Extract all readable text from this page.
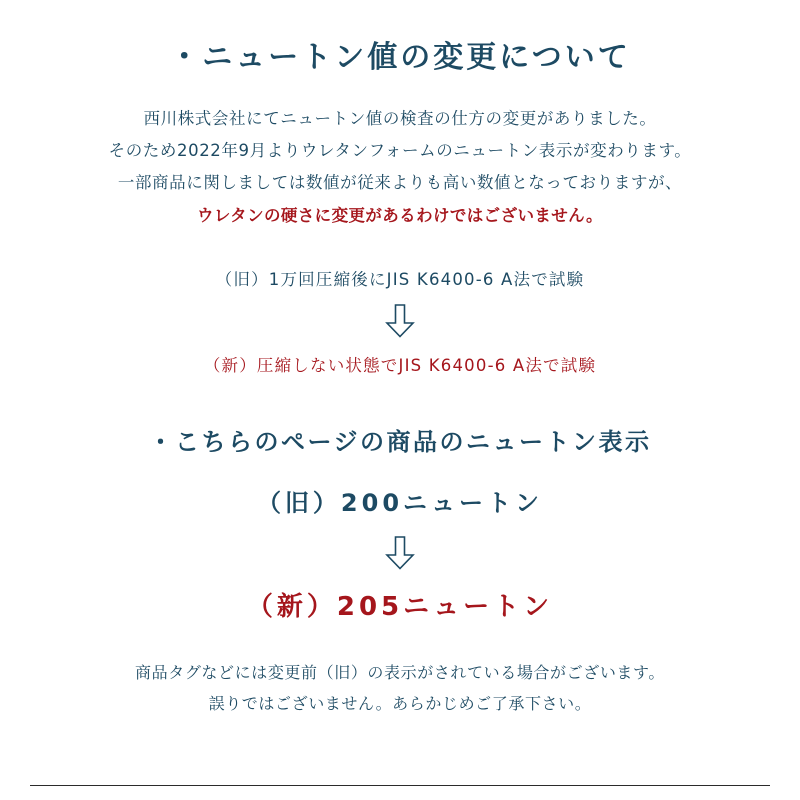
・ニュートン値の変更について
西川株式会社にてニュートン値の検査の仕方の変更がありました。
そのため2022年9月よりウレタンフォームのニュートン表示が変わります。
一部商品に関しましては数値が従来よりも高い数値となっておりますが、
ウレタンの硬さに変更があるわけではございません。
（旧）1万回圧縮後にJIS K6400-6 A法で試験
（新）圧縮しない状態でJIS K6400-6 A法で試験
・こちらのページの商品のニュートン表示
（旧）200ニュートン
（新）205ニュートン
商品タグなどには変更前（旧）の表示がされている場合がございます。
誤りではございません。あらかじめご了承下さい。
